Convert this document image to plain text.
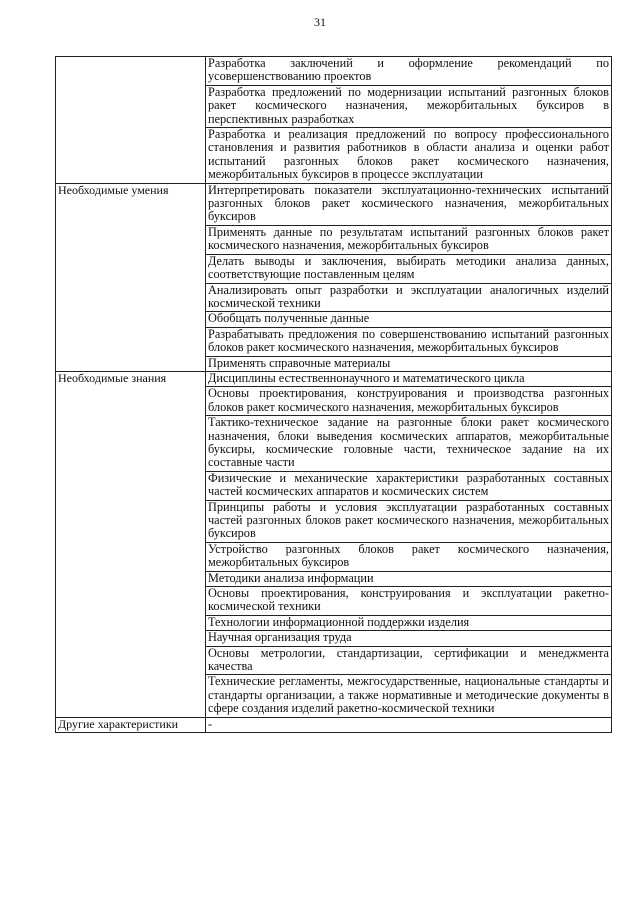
31
	Разработка заключений и оформление рекомендаций по усовершенствованию проектов
	Разработка предложений по модернизации испытаний разгонных блоков ракет космического назначения, межорбитальных буксиров в перспективных разработках
	Разработка и реализация предложений по вопросу профессионального становления и развития работников в области анализа и оценки работ испытаний разгонных блоков ракет космического назначения, межорбитальных буксиров в процессе эксплуатации
Необходимые умения	Интерпретировать показатели эксплуатационно-технических испытаний разгонных блоков ракет космического назначения, межорбитальных буксиров
	Применять данные по результатам испытаний разгонных блоков ракет космического назначения, межорбитальных буксиров
	Делать выводы и заключения, выбирать методики анализа данных, соответствующие поставленным целям
	Анализировать опыт разработки и эксплуатации аналогичных изделий космической техники
	Обобщать полученные данные
	Разрабатывать предложения по совершенствованию испытаний разгонных блоков ракет космического назначения, межорбитальных буксиров
	Применять справочные материалы
Необходимые знания	Дисциплины естественнонаучного и математического цикла
	Основы проектирования, конструирования и производства разгонных блоков ракет космического назначения, межорбитальных буксиров
	Тактико-техническое задание на разгонные блоки ракет космического назначения, блоки выведения космических аппаратов, межорбитальные буксиры, космические головные части, техническое задание на их составные части
	Физические и механические характеристики разработанных составных частей космических аппаратов и космических систем
	Принципы работы и условия эксплуатации разработанных составных частей разгонных блоков ракет космического назначения, межорбитальных буксиров
	Устройство разгонных блоков ракет космического назначения, межорбитальных буксиров
	Методики анализа информации
	Основы проектирования, конструирования и эксплуатации ракетно-космической техники
	Технологии информационной поддержки изделия
	Научная организация труда
	Основы метрологии, стандартизации, сертификации и менеджмента качества
	Технические регламенты, межгосударственные, национальные стандарты и стандарты организации, а также нормативные и методические документы в сфере создания изделий ракетно-космической техники
Другие характеристики	-
